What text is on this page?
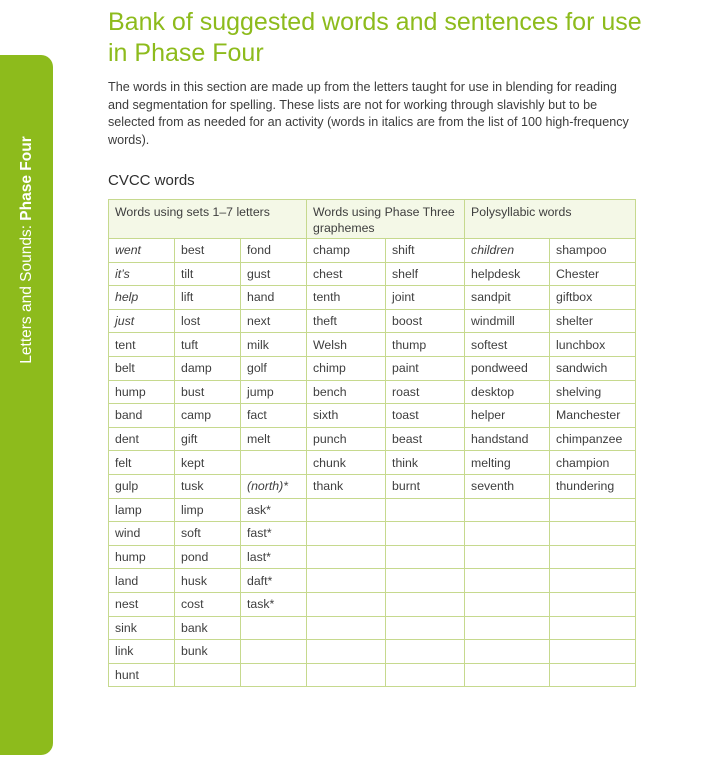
Letters and Sounds: Phase Four
Bank of suggested words and sentences for use in Phase Four

The words in this section are made up from the letters taught for use in blending for reading and segmentation for spelling. These lists are not for working through slavishly but to be selected from as needed for an activity (words in italics are from the list of 100 high-frequency words).

CVCC words
Words using sets 1–7 letters			Words using Phase Three graphemes		Polysyllabic words	
went	best	fond	champ	shift	children	shampoo
it’s	tilt	gust	chest	shelf	helpdesk	Chester
help	lift	hand	tenth	joint	sandpit	giftbox
just	lost	next	theft	boost	windmill	shelter
tent	tuft	milk	Welsh	thump	softest	lunchbox
belt	damp	golf	chimp	paint	pondweed	sandwich
hump	bust	jump	bench	roast	desktop	shelving
band	camp	fact	sixth	toast	helper	Manchester
dent	gift	melt	punch	beast	handstand	chimpanzee
felt	kept		chunk	think	melting	champion
gulp	tusk	(north)*	thank	burnt	seventh	thundering
lamp	limp	ask*				
wind	soft	fast*				
hump	pond	last*				
land	husk	daft*				
nest	cost	task*				
sink	bank					
link	bunk					
hunt						
